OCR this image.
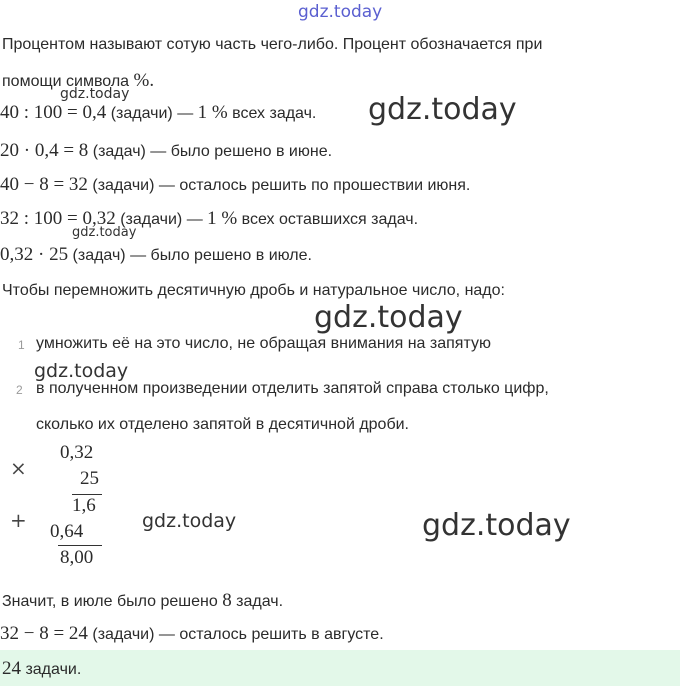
gdz.today
Процентом называют сотую часть чего-либо. Процент обозначается при
помощи символа %.
gdz.today
40 : 100 = 0,4 (задачи) — 1 % всех задач. gdz.today
20 · 0,4 = 8 (задач) — было решено в июне.
40 − 8 = 32 (задачи) — осталось решить по прошествии июня.
32 : 100 = 0,32 (задачи) — 1 % всех оставшихся задач.
gdz.today
0,32 · 25 (задач) — было решено в июле.
Чтобы перемножить десятичную дробь и натуральное число, надо:
gdz.today
1 умножить её на это число, не обращая внимания на запятую
gdz.today
2 в полученном произведении отделить запятой справа столько цифр,
сколько их отделено запятой в десятичной дроби.
×
0,32
25
1,6
+ 0,64
8,00
gdz.today	gdz.today
Значит, в июле было решено 8 задач.
32 − 8 = 24 (задачи) — осталось решить в августе.
24 задачи.
